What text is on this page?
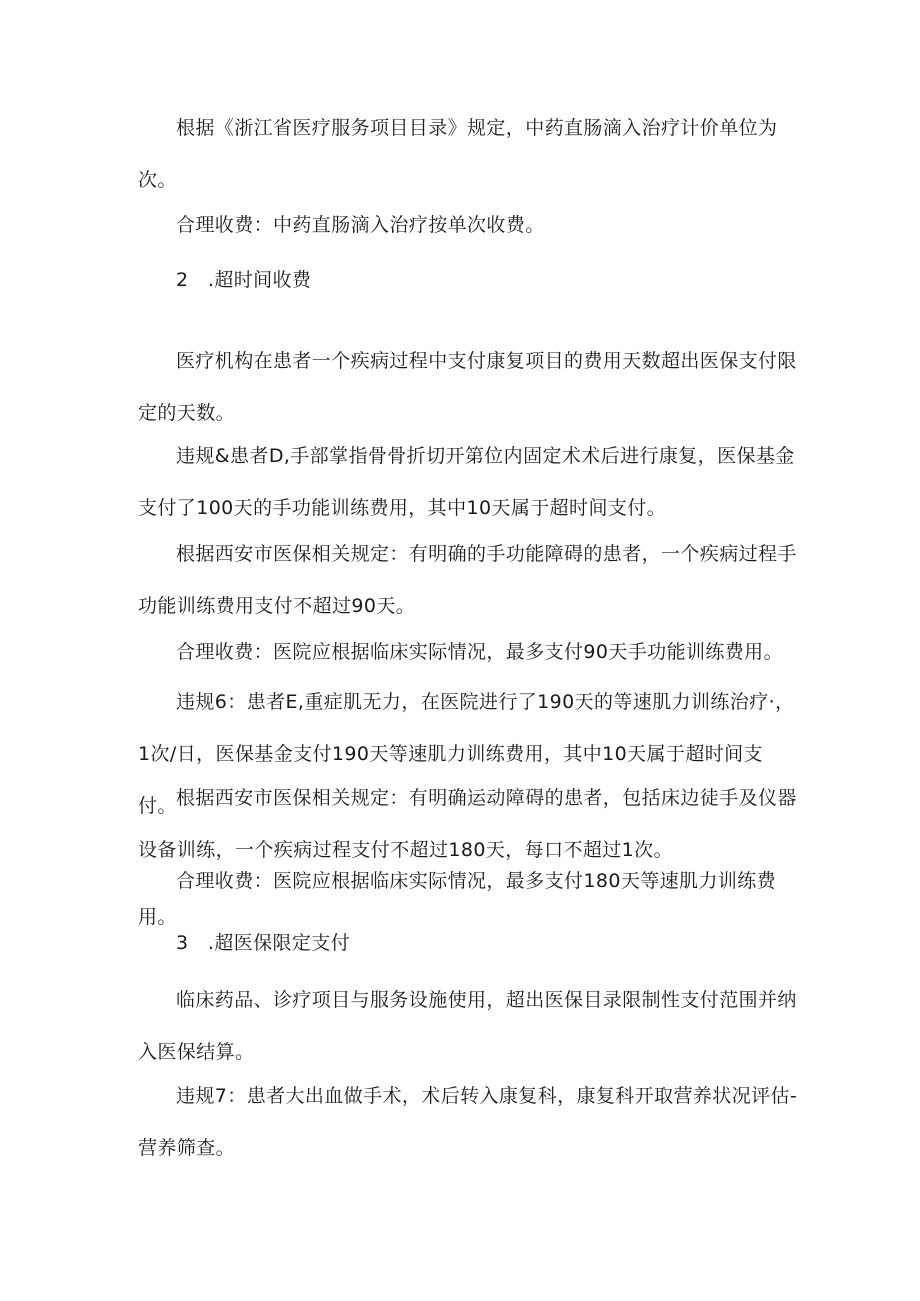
根据《浙江省医疗服务项目目录》规定，中药直肠滴入治疗计价单位为次。

合理收费：中药直肠滴入治疗按单次收费。

2 .超时间收费

医疗机构在患者一个疾病过程中支付康复项目的费用天数超出医保支付限定的天数。

违规&患者D,手部掌指骨骨折切开第位内固定术术后进行康复，医保基金支付了100天的手功能训练费用，其中10天属于超时间支付。

根据西安市医保相关规定：有明确的手功能障碍的患者，一个疾病过程手功能训练费用支付不超过90天。

合理收费：医院应根据临床实际情况，最多支付90天手功能训练费用。

违规6：患者E,重症肌无力，在医院进行了190天的等速肌力训练治疗·，1次/日，医保基金支付190天等速肌力训练费用，其中10天属于超时间支付。 根据西安市医保相关规定：有明确运动障碍的患者，包括床边徒手及仪器设备训练，一个疾病过程支付不超过180天，每口不超过1次。

合理收费：医院应根据临床实际情况，最多支付180天等速肌力训练费用。

3 .超医保限定支付

临床药品、诊疗项目与服务设施使用，超出医保目录限制性支付范围并纳入医保结算。

违规7：患者大出血做手术，术后转入康复科，康复科开取营养状况评估-营养筛查。
